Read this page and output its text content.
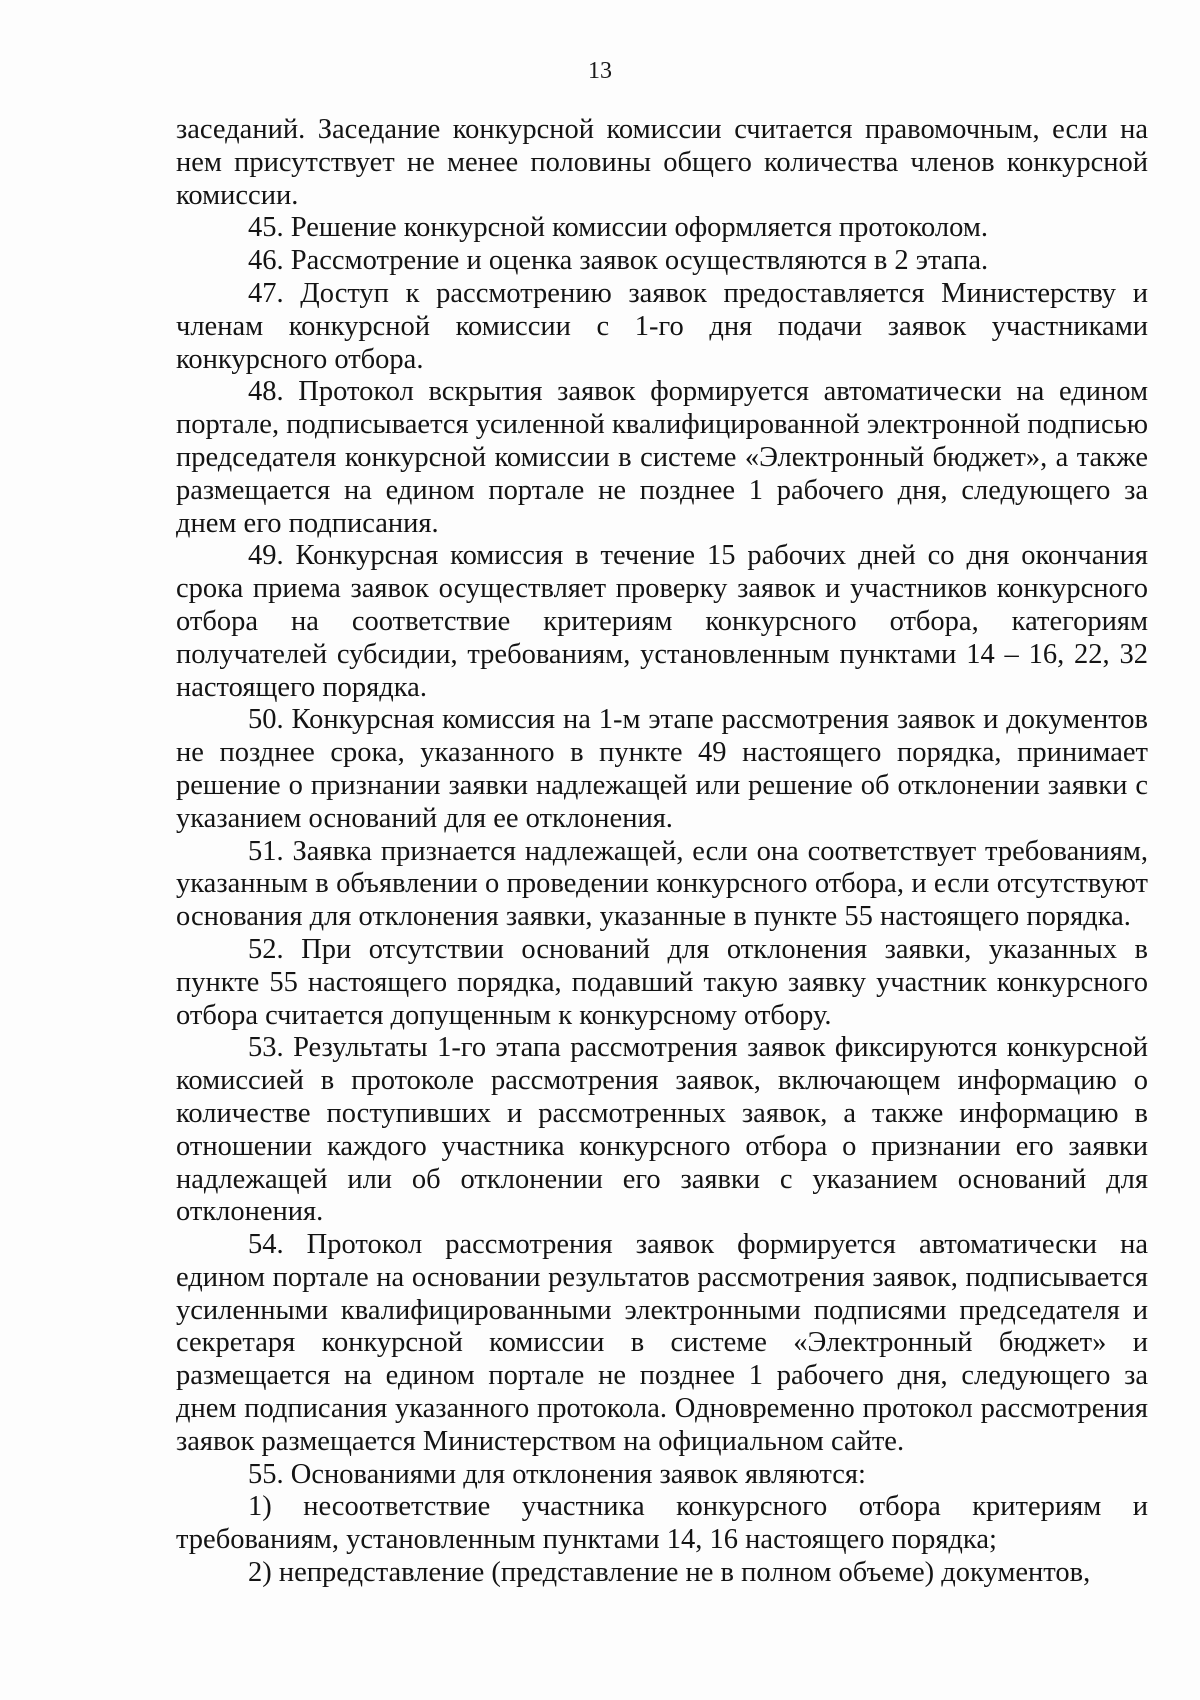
13

заседаний. Заседание конкурсной комиссии считается правомочным, если на нем присутствует не менее половины общего количества членов конкурсной комиссии.

45. Решение конкурсной комиссии оформляется протоколом.

46. Рассмотрение и оценка заявок осуществляются в 2 этапа.

47. Доступ к рассмотрению заявок предоставляется Министерству и членам конкурсной комиссии с 1-го дня подачи заявок участниками конкурсного отбора.

48. Протокол вскрытия заявок формируется автоматически на едином портале, подписывается усиленной квалифицированной электронной подписью председателя конкурсной комиссии в системе «Электронный бюджет», а также размещается на едином портале не позднее 1 рабочего дня, следующего за днем его подписания.

49. Конкурсная комиссия в течение 15 рабочих дней со дня окончания срока приема заявок осуществляет проверку заявок и участников конкурсного отбора на соответствие критериям конкурсного отбора, категориям получателей субсидии, требованиям, установленным пунктами 14 – 16, 22, 32 настоящего порядка.

50. Конкурсная комиссия на 1-м этапе рассмотрения заявок и документов не позднее срока, указанного в пункте 49 настоящего порядка, принимает решение о признании заявки надлежащей или решение об отклонении заявки с указанием оснований для ее отклонения.

51. Заявка признается надлежащей, если она соответствует требованиям, указанным в объявлении о проведении конкурсного отбора, и если отсутствуют основания для отклонения заявки, указанные в пункте 55 настоящего порядка.

52. При отсутствии оснований для отклонения заявки, указанных в пункте 55 настоящего порядка, подавший такую заявку участник конкурсного отбора считается допущенным к конкурсному отбору.

53. Результаты 1-го этапа рассмотрения заявок фиксируются конкурсной комиссией в протоколе рассмотрения заявок, включающем информацию о количестве поступивших и рассмотренных заявок, а также информацию в отношении каждого участника конкурсного отбора о признании его заявки надлежащей или об отклонении его заявки с указанием оснований для отклонения.

54. Протокол рассмотрения заявок формируется автоматически на едином портале на основании результатов рассмотрения заявок, подписывается усиленными квалифицированными электронными подписями председателя и секретаря конкурсной комиссии в системе «Электронный бюджет» и размещается на едином портале не позднее 1 рабочего дня, следующего за днем подписания указанного протокола. Одновременно протокол рассмотрения заявок размещается Министерством на официальном сайте.

55. Основаниями для отклонения заявок являются:

1) несоответствие участника конкурсного отбора критериям и требованиям, установленным пунктами 14, 16 настоящего порядка;

2) непредставление (представление не в полном объеме) документов,
